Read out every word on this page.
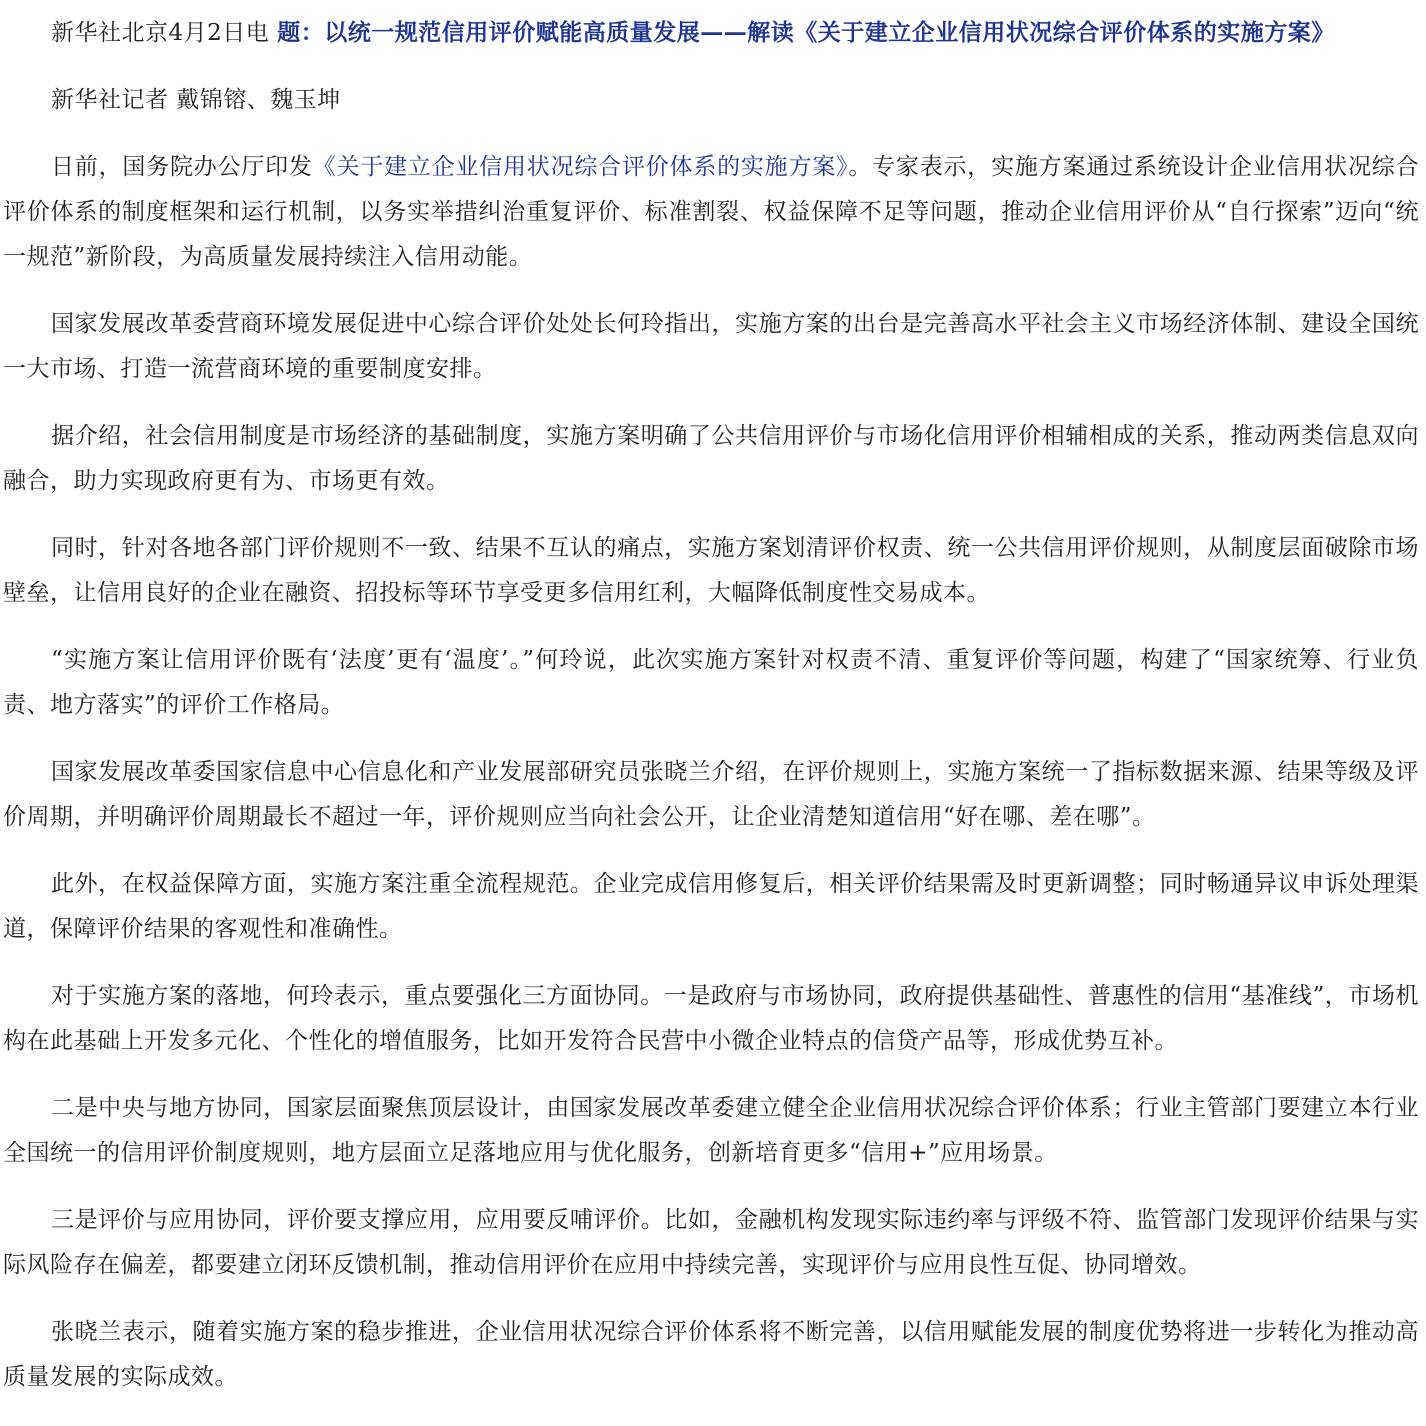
新华社北京4月2日电 题：以统一规范信用评价赋能高质量发展——解读《关于建立企业信用状况综合评价体系的实施方案》

新华社记者 戴锦镕、魏玉坤

日前，国务院办公厅印发《关于建立企业信用状况综合评价体系的实施方案》。专家表示，实施方案通过系统设计企业信用状况综合评价体系的制度框架和运行机制，以务实举措纠治重复评价、标准割裂、权益保障不足等问题，推动企业信用评价从“自行探索”迈向“统一规范”新阶段，为高质量发展持续注入信用动能。

国家发展改革委营商环境发展促进中心综合评价处处长何玲指出，实施方案的出台是完善高水平社会主义市场经济体制、建设全国统一大市场、打造一流营商环境的重要制度安排。

据介绍，社会信用制度是市场经济的基础制度，实施方案明确了公共信用评价与市场化信用评价相辅相成的关系，推动两类信息双向融合，助力实现政府更有为、市场更有效。

同时，针对各地各部门评价规则不一致、结果不互认的痛点，实施方案划清评价权责、统一公共信用评价规则，从制度层面破除市场壁垒，让信用良好的企业在融资、招投标等环节享受更多信用红利，大幅降低制度性交易成本。

“实施方案让信用评价既有‘法度’更有‘温度’。”何玲说，此次实施方案针对权责不清、重复评价等问题，构建了“国家统筹、行业负责、地方落实”的评价工作格局。

国家发展改革委国家信息中心信息化和产业发展部研究员张晓兰介绍，在评价规则上，实施方案统一了指标数据来源、结果等级及评价周期，并明确评价周期最长不超过一年，评价规则应当向社会公开，让企业清楚知道信用“好在哪、差在哪”。

此外，在权益保障方面，实施方案注重全流程规范。企业完成信用修复后，相关评价结果需及时更新调整；同时畅通异议申诉处理渠道，保障评价结果的客观性和准确性。

对于实施方案的落地，何玲表示，重点要强化三方面协同。一是政府与市场协同，政府提供基础性、普惠性的信用“基准线”，市场机构在此基础上开发多元化、个性化的增值服务，比如开发符合民营中小微企业特点的信贷产品等，形成优势互补。

二是中央与地方协同，国家层面聚焦顶层设计，由国家发展改革委建立健全企业信用状况综合评价体系；行业主管部门要建立本行业全国统一的信用评价制度规则，地方层面立足落地应用与优化服务，创新培育更多“信用+”应用场景。

三是评价与应用协同，评价要支撑应用，应用要反哺评价。比如，金融机构发现实际违约率与评级不符、监管部门发现评价结果与实际风险存在偏差，都要建立闭环反馈机制，推动信用评价在应用中持续完善，实现评价与应用良性互促、协同增效。

张晓兰表示，随着实施方案的稳步推进，企业信用状况综合评价体系将不断完善，以信用赋能发展的制度优势将进一步转化为推动高质量发展的实际成效。
